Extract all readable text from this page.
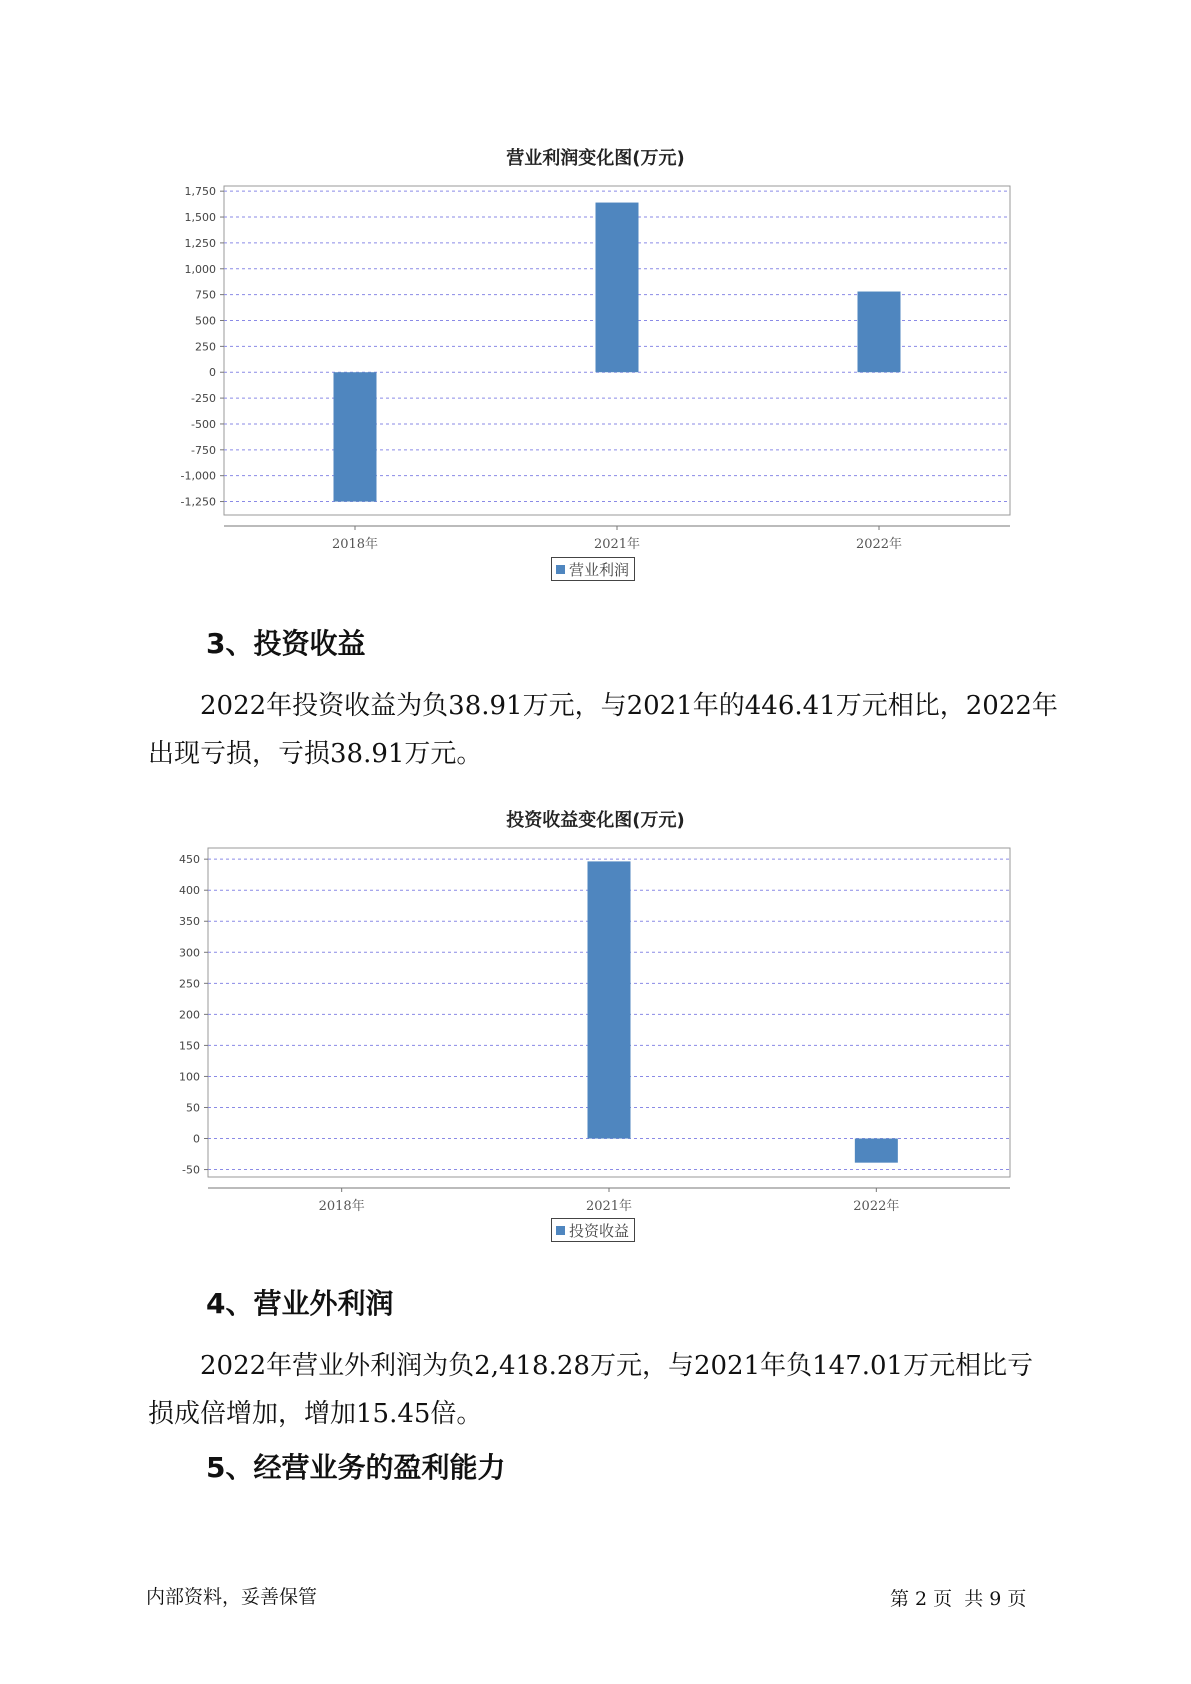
营业利润变化图(万元)
1,750
1,500
1,250
1,000
750
500
250
0
-250
-500
-750
-1,000
-1,250
2018年	2021年	2022年
营业利润
3、投资收益
2022年投资收益为负38.91万元，与2021年的446.41万元相比，2022年
出现亏损，亏损38.91万元。
投资收益变化图(万元)
450
400
350
300
250
200
150
100
50
0
-50
2018年	2021年	2022年
投资收益
4、营业外利润
2022年营业外利润为负2,418.28万元，与2021年负147.01万元相比亏
损成倍增加，增加15.45倍。
5、经营业务的盈利能力
内部资料，妥善保管	第 2 页  共 9 页
